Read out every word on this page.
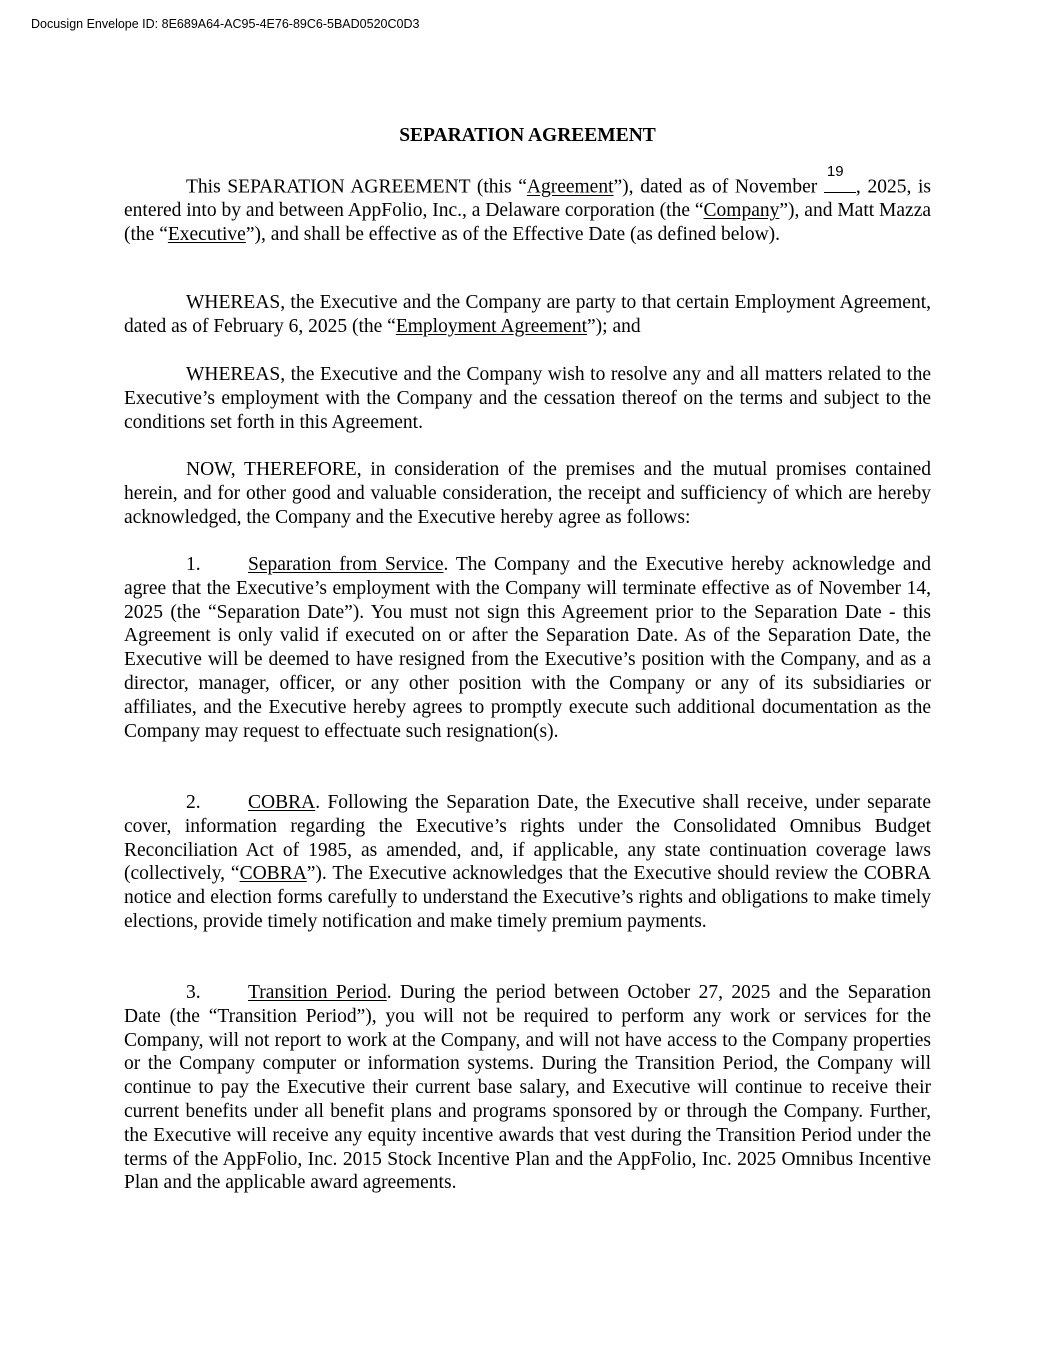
Docusign Envelope ID: 8E689A64-AC95-4E76-89C6-5BAD0520C0D3
SEPARATION AGREEMENT

This SEPARATION AGREEMENT (this “Agreement”), dated as of November
19
, 2025, is entered into by and between AppFolio, Inc., a Delaware corporation (the “Company”), and Matt Mazza (the “Executive”), and shall be effective as of the Effective Date (as defined below).

WHEREAS, the Executive and the Company are party to that certain Employment Agreement, dated as of February 6, 2025 (the “Employment Agreement”); and

WHEREAS, the Executive and the Company wish to resolve any and all matters related to the Executive’s employment with the Company and the cessation thereof on the terms and subject to the conditions set forth in this Agreement.

NOW, THEREFORE, in consideration of the premises and the mutual promises contained herein, and for other good and valuable consideration, the receipt and sufficiency of which are hereby acknowledged, the Company and the Executive hereby agree as follows:

1. Separation from Service. The Company and the Executive hereby acknowledge and agree that the Executive’s employment with the Company will terminate effective as of November 14, 2025 (the “Separation Date”). You must not sign this Agreement prior to the Separation Date - this Agreement is only valid if executed on or after the Separation Date. As of the Separation Date, the Executive will be deemed to have resigned from the Executive’s position with the Company, and as a director, manager, officer, or any other position with the Company or any of its subsidiaries or affiliates, and the Executive hereby agrees to promptly execute such additional documentation as the Company may request to effectuate such resignation(s).

2. COBRA. Following the Separation Date, the Executive shall receive, under separate cover, information regarding the Executive’s rights under the Consolidated Omnibus Budget Reconciliation Act of 1985, as amended, and, if applicable, any state continuation coverage laws (collectively, “COBRA”). The Executive acknowledges that the Executive should review the COBRA notice and election forms carefully to understand the Executive’s rights and obligations to make timely elections, provide timely notification and make timely premium payments.

3. Transition Period. During the period between October 27, 2025 and the Separation Date (the “Transition Period”), you will not be required to perform any work or services for the Company, will not report to work at the Company, and will not have access to the Company properties or the Company computer or information systems. During the Transition Period, the Company will continue to pay the Executive their current base salary, and Executive will continue to receive their current benefits under all benefit plans and programs sponsored by or through the Company. Further, the Executive will receive any equity incentive awards that vest during the Transition Period under the terms of the AppFolio, Inc. 2015 Stock Incentive Plan and the AppFolio, Inc. 2025 Omnibus Incentive Plan and the applicable award agreements.
